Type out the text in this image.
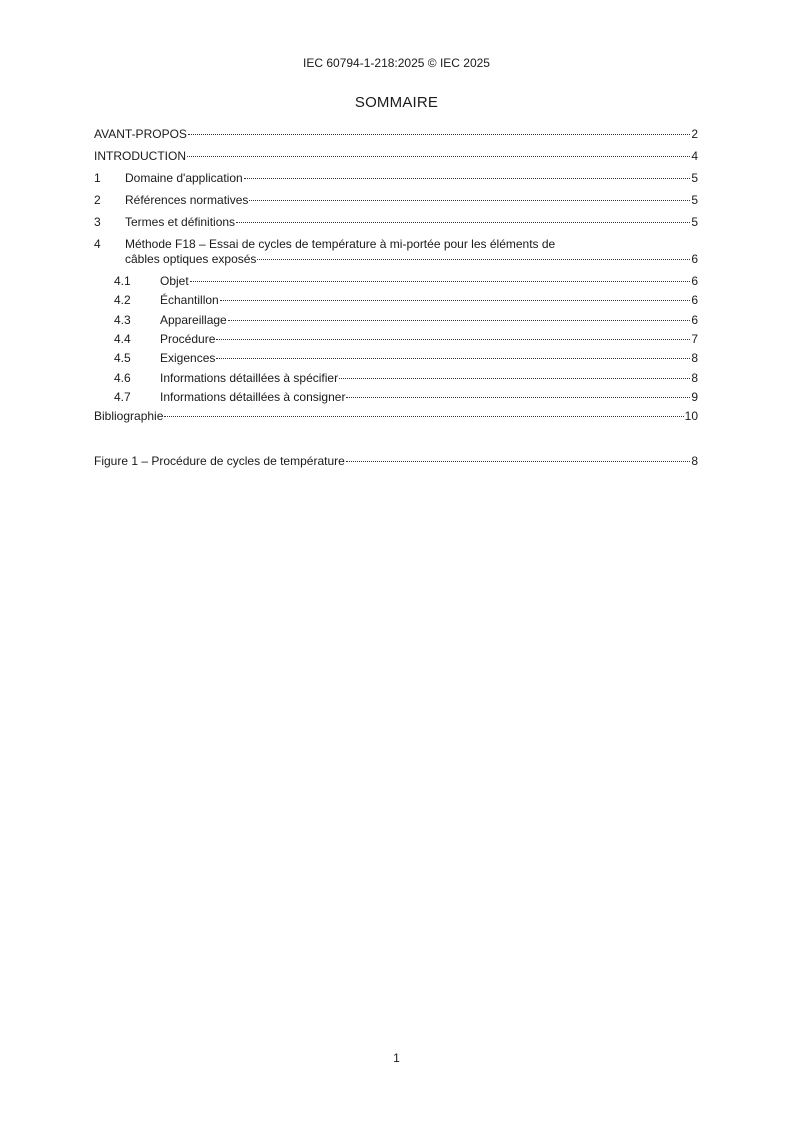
IEC 60794-1-218:2025 © IEC 2025
SOMMAIRE
AVANT-PROPOS	2
INTRODUCTION	4
1	Domaine d'application	5
2	Références normatives	5
3	Termes et définitions	5
4 Méthode F18 – Essai de cycles de température à mi-portée pour les éléments de
câbles optiques exposés	6
4.1	Objet	6
4.2	Échantillon	6
4.3	Appareillage	6
4.4	Procédure	7
4.5	Exigences	8
4.6	Informations détaillées à spécifier	8
4.7	Informations détaillées à consigner	9
Bibliographie	10
Figure 1 – Procédure de cycles de température	8
1
